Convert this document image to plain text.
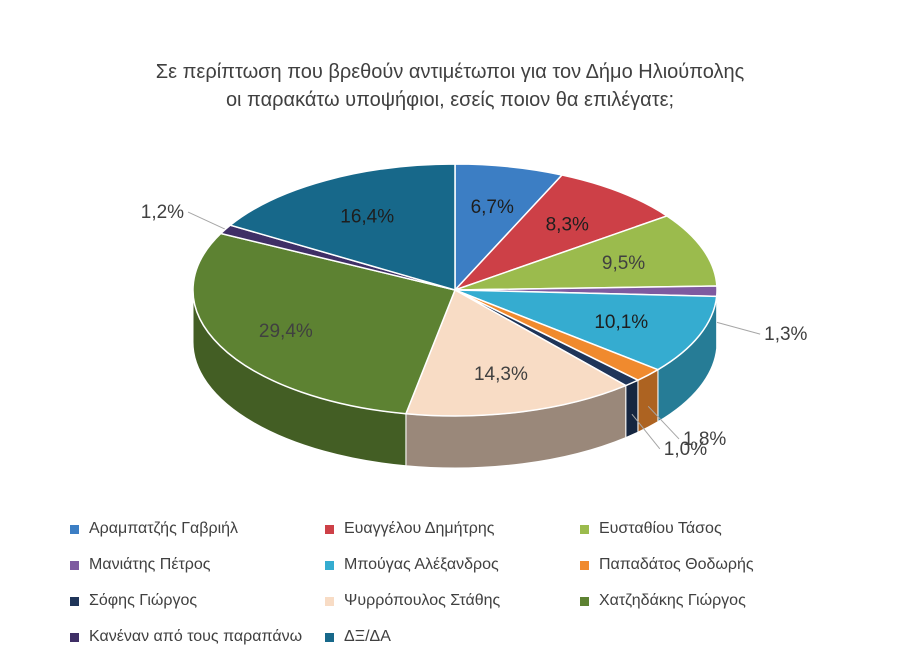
Σε περίπτωση που βρεθούν αντιμέτωποι για τον Δήμο Ηλιούπολης
οι παρακάτω υποψήφιοι, εσείς ποιον θα επιλέγατε;
6,7%
8,3%
9,5%
1,3%
10,1%
1,8%
1,0%
14,3%
29,4%
1,2%	16,4%
Αραμπατζής Γαβριήλ	Ευαγγέλου Δημήτρης	Ευσταθίου Τάσος
Μανιάτης Πέτρος	Μπούγας Αλέξανδρος	Παπαδάτος Θοδωρής
Σόφης Γιώργος	Ψυρρόπουλος Στάθης	Χατζηδάκης Γιώργος
Κανέναν από τους παραπάνω	ΔΞ/ΔΑ
